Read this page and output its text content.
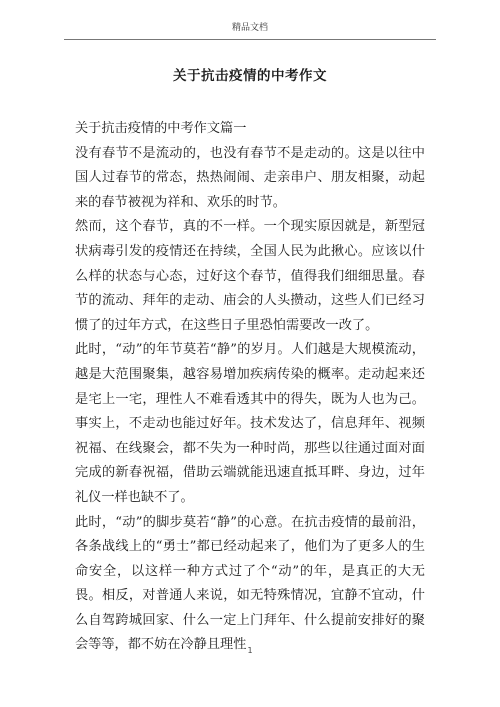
精品文档
关于抗击疫情的中考作文

关于抗击疫情的中考作文篇一

没有春节不是流动的，也没有春节不是走动的。这是以往中国人过春节的常态，热热闹闹、走亲串户、朋友相聚，动起来的春节被视为祥和、欢乐的时节。

然而，这个春节，真的不一样。一个现实原因就是，新型冠状病毒引发的疫情还在持续，全国人民为此揪心。应该以什么样的状态与心态，过好这个春节，值得我们细细思量。春节的流动、拜年的走动、庙会的人头攒动，这些人们已经习惯了的过年方式，在这些日子里恐怕需要改一改了。

此时，“动”的年节莫若“静”的岁月。人们越是大规模流动，越是大范围聚集，越容易增加疾病传染的概率。走动起来还是宅上一宅，理性人不难看透其中的得失，既为人也为己。事实上，不走动也能过好年。技术发达了，信息拜年、视频祝福、在线聚会，都不失为一种时尚，那些以往通过面对面完成的新春祝福，借助云端就能迅速直抵耳畔、身边，过年礼仪一样也缺不了。

此时，“动”的脚步莫若“静”的心意。在抗击疫情的最前沿，各条战线上的“勇士”都已经动起来了，他们为了更多人的生命安全，以这样一种方式过了个“动”的年，是真正的大无畏。相反，对普通人来说，如无特殊情况，宜静不宜动，什么自驾跨城回家、什么一定上门拜年、什么提前安排好的聚会等等，都不妨在冷静且理性 1
